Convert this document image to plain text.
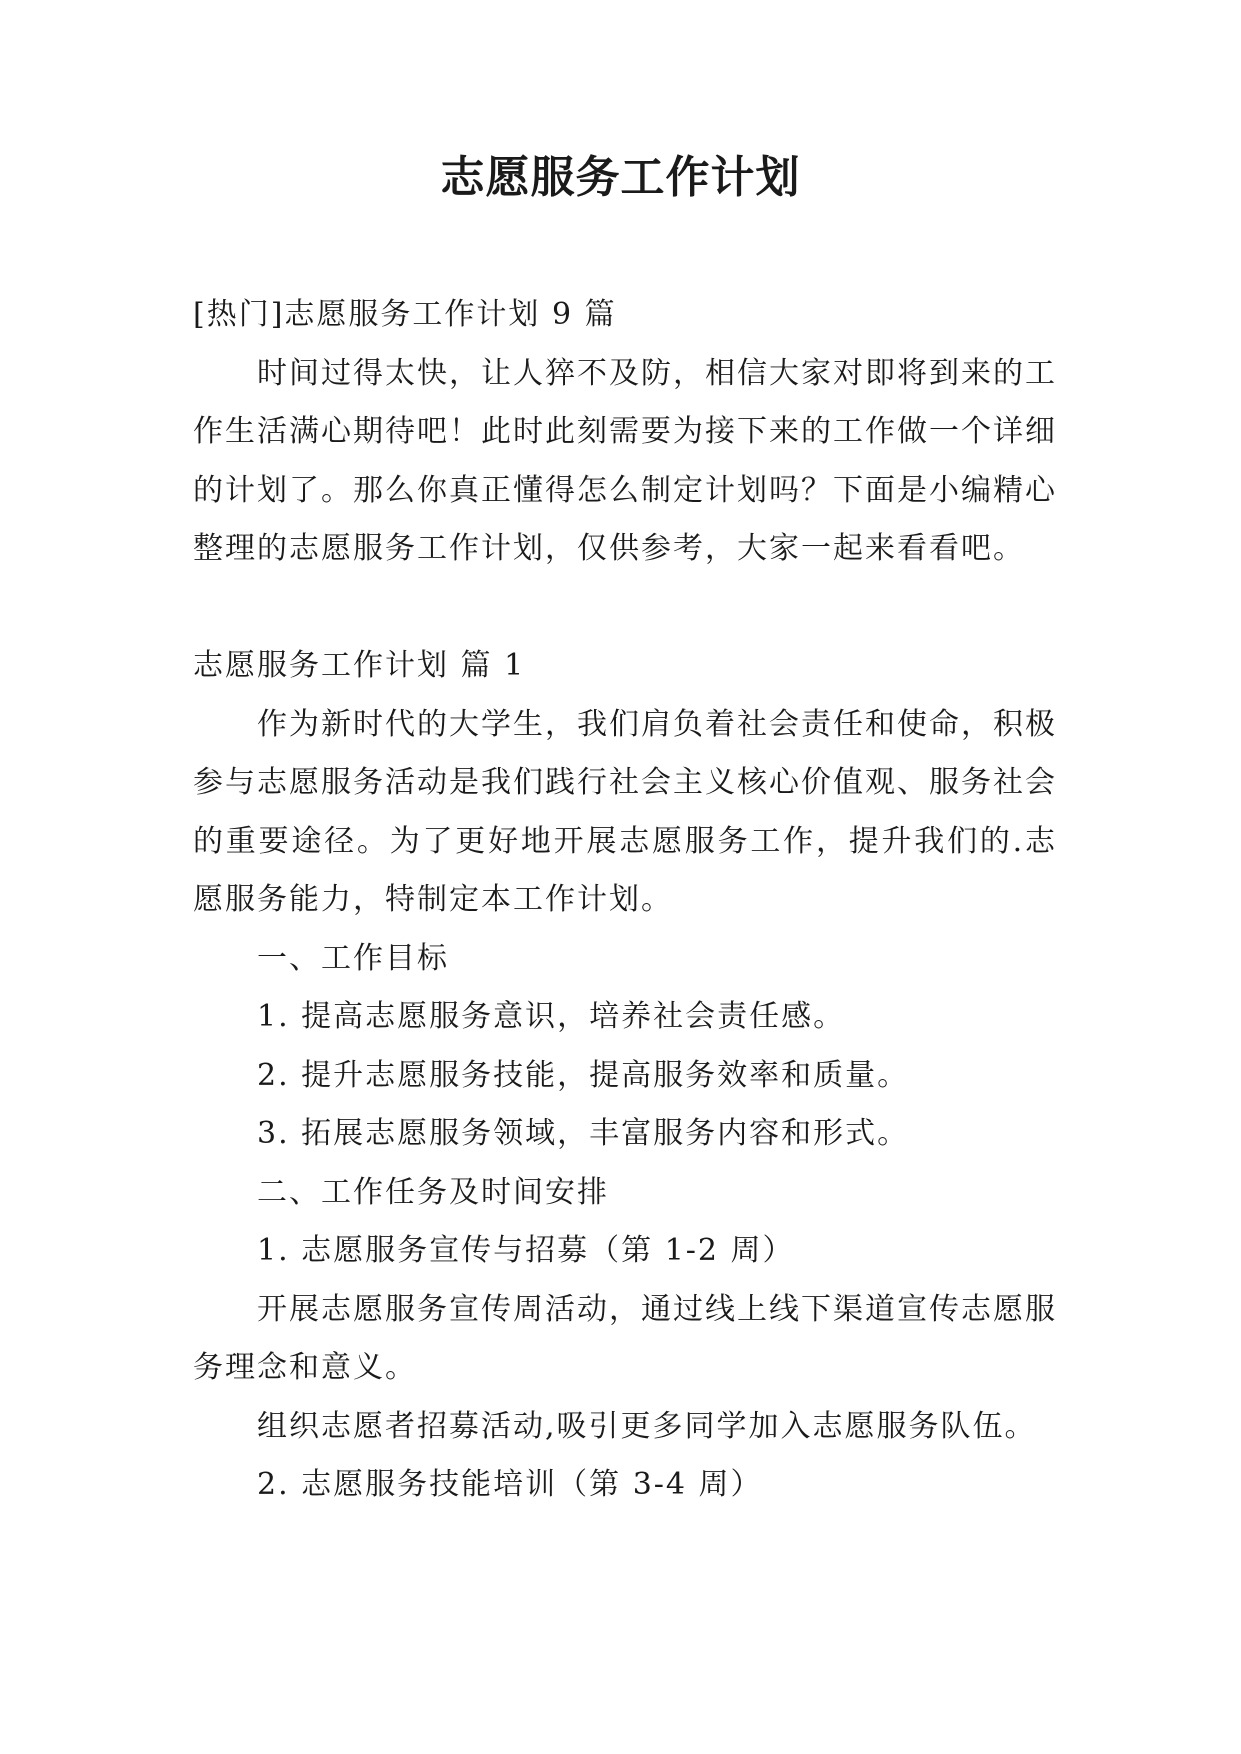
志愿服务工作计划

[热门]志愿服务工作计划 9 篇

时间过得太快，让人猝不及防，相信大家对即将到来的工作生活满心期待吧！此时此刻需要为接下来的工作做一个详细的计划了。那么你真正懂得怎么制定计划吗？下面是小编精心整理的志愿服务工作计划，仅供参考，大家一起来看看吧。

志愿服务工作计划 篇 1

作为新时代的大学生，我们肩负着社会责任和使命，积极参与志愿服务活动是我们践行社会主义核心价值观、服务社会的重要途径。为了更好地开展志愿服务工作，提升我们的.志愿服务能力，特制定本工作计划。

一、工作目标

1. 提高志愿服务意识，培养社会责任感。

2. 提升志愿服务技能，提高服务效率和质量。

3. 拓展志愿服务领域，丰富服务内容和形式。

二、工作任务及时间安排

1. 志愿服务宣传与招募（第 1-2 周）

开展志愿服务宣传周活动，通过线上线下渠道宣传志愿服务理念和意义。

组织志愿者招募活动,吸引更多同学加入志愿服务队伍。

2. 志愿服务技能培训（第 3-4 周）
